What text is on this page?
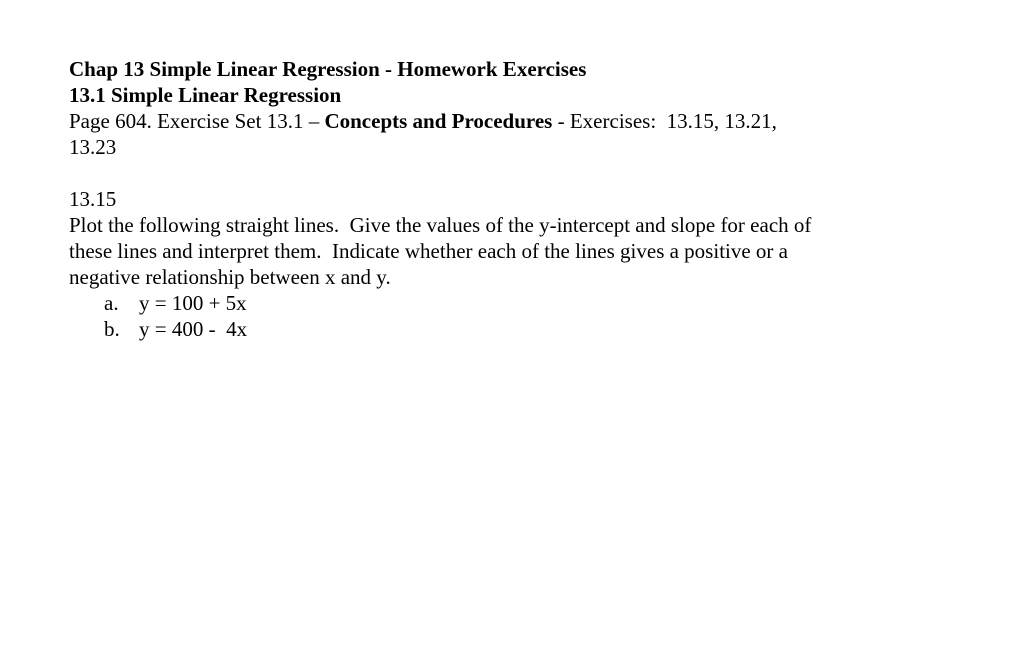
Chap 13 Simple Linear Regression - Homework Exercises
13.1 Simple Linear Regression
Page 604. Exercise Set 13.1 – Concepts and Procedures - Exercises:  13.15, 13.21,
13.23
13.15
Plot the following straight lines.  Give the values of the y-intercept and slope for each of
these lines and interpret them.  Indicate whether each of the lines gives a positive or a
negative relationship between x and y.
a. y = 100 + 5x
b. y = 400 -  4x
